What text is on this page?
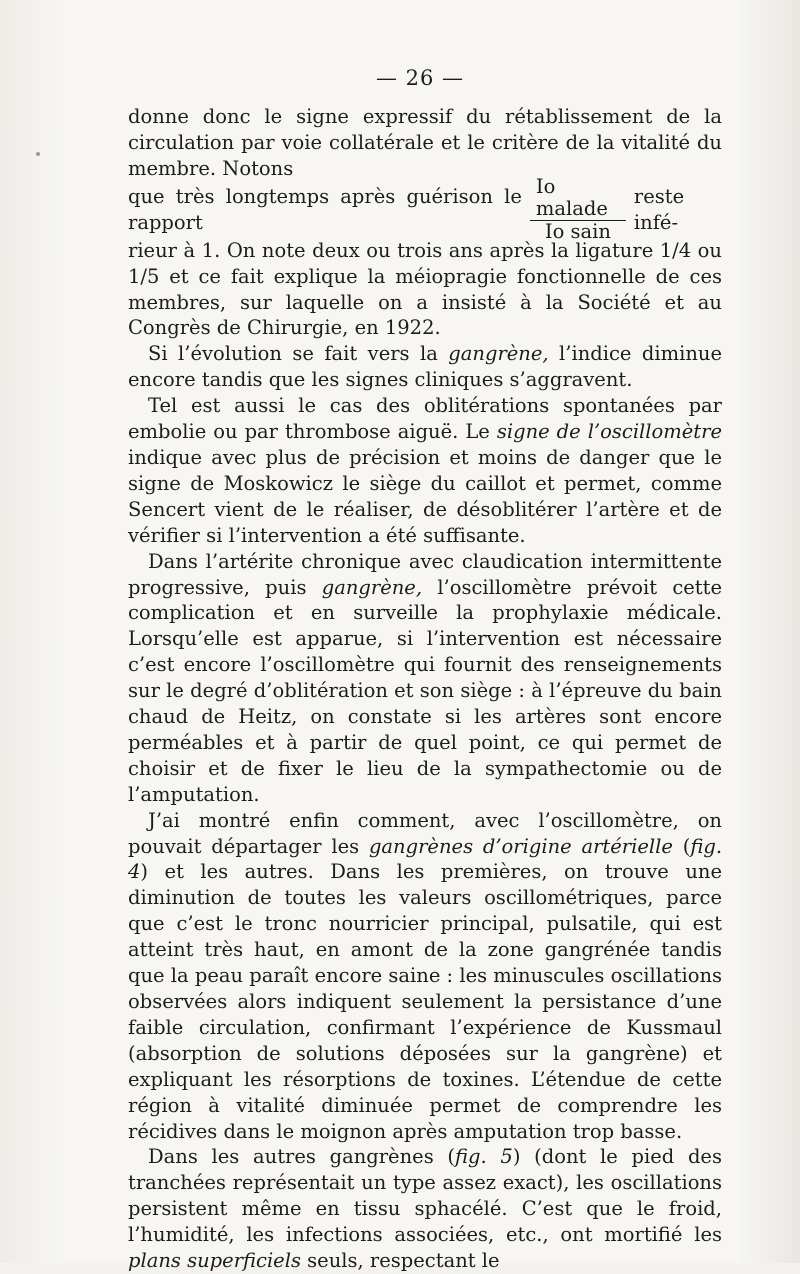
— 26 —

donne donc le signe expressif du rétablissement de la circulation par voie collatérale et le critère de la vitalité du membre. Notons

que très longtemps après guérison le rapport	$\frac{\text{Io malade}}{\text{Io sain}}$ reste infé-

rieur à 1. On note deux ou trois ans après la ligature 1/4 ou 1/5 et ce fait explique la méiopragie fonctionnelle de ces membres, sur laquelle on a insisté à la Société et au Congrès de Chirurgie, en 1922.

Si l’évolution se fait vers la gangrène, l’indice diminue encore tandis que les signes cliniques s’aggravent.

Tel est aussi le cas des oblitérations spontanées par embolie ou par thrombose aiguë. Le signe de l’oscillomètre indique avec plus de précision et moins de danger que le signe de Moskowicz le siège du caillot et permet, comme Sencert vient de le réaliser, de désoblitérer l’artère et de vérifier si l’intervention a été suffisante.

Dans l’artérite chronique avec claudication intermittente progressive, puis gangrène, l’oscillomètre prévoit cette complication et en surveille la prophylaxie médicale. Lorsqu’elle est apparue, si l’intervention est nécessaire c’est encore l’oscillomètre qui fournit des renseignements sur le degré d’oblitération et son siège : à l’épreuve du bain chaud de Heitz, on constate si les artères sont encore perméables et à partir de quel point, ce qui permet de choisir et de fixer le lieu de la sympathectomie ou de l’amputation.

J’ai montré enfin comment, avec l’oscillomètre, on pouvait départager les gangrènes d’origine artérielle (fig. 4) et les autres. Dans les premières, on trouve une diminution de toutes les valeurs oscillométriques, parce que c’est le tronc nourricier principal, pulsatile, qui est atteint très haut, en amont de la zone gangrénée tandis que la peau paraît encore saine : les minuscules oscillations observées alors indiquent seulement la persistance d’une faible circulation, confirmant l’expérience de Kussmaul (absorption de solutions déposées sur la gangrène) et expliquant les résorptions de toxines. L’étendue de cette région à vitalité diminuée permet de comprendre les récidives dans le moignon après amputation trop basse.

Dans les autres gangrènes (fig. 5) (dont le pied des tranchées représentait un type assez exact), les oscillations persistent même en tissu sphacélé. C’est que le froid, l’humidité, les infections associées, etc., ont mortifié les plans superficiels seuls, respectant le
